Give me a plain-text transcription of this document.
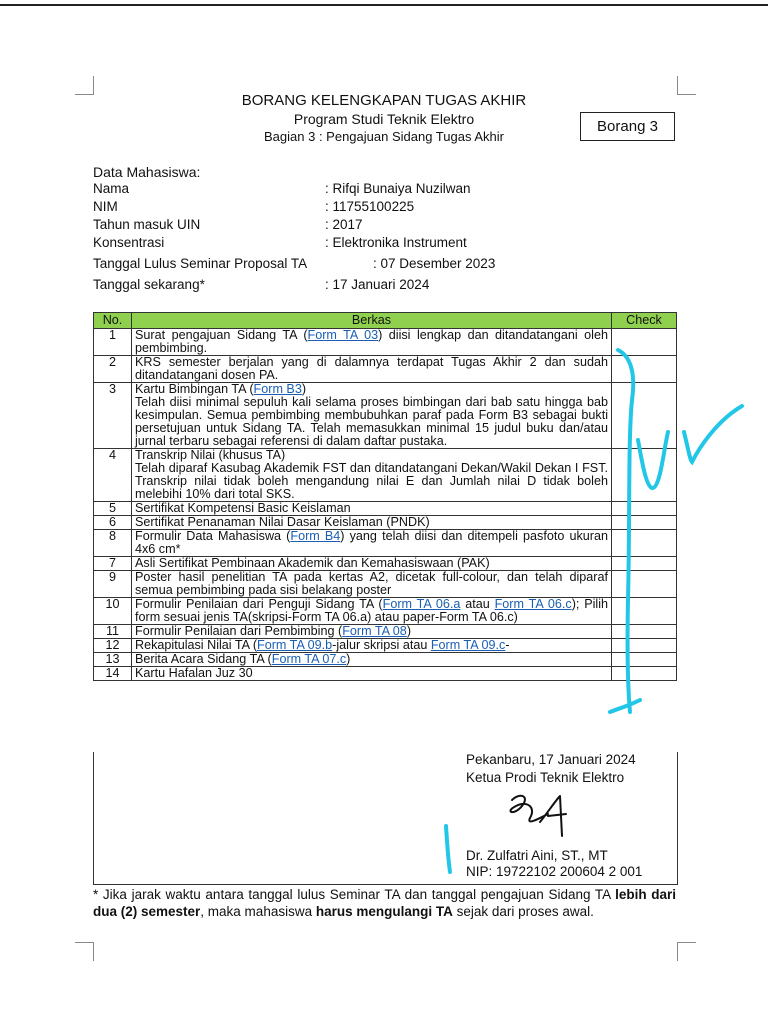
BORANG KELENGKAPAN TUGAS AKHIR
Program Studi Teknik Elektro
Bagian 3 : Pengajuan Sidang Tugas Akhir
Borang 3
Data Mahasiswa:
Nama	: Rifqi Bunaiya Nuzilwan
NIM	: 11755100225
Tahun masuk UIN	: 2017
Konsentrasi	: Elektronika Instrument
Tanggal Lulus Seminar Proposal TA	: 07 Desember 2023
Tanggal sekarang*	: 17 Januari 2024
No.	Berkas	Check
1	Surat pengajuan Sidang TA (Form TA 03) diisi lengkap dan ditandatangani oleh pembimbing.	
2	KRS semester berjalan yang di dalamnya terdapat Tugas Akhir 2 dan sudah ditandatangani dosen PA.	
3	Kartu Bimbingan TA (Form B3)
Telah diisi minimal sepuluh kali selama proses bimbingan dari bab satu hingga bab kesimpulan. Semua pembimbing membubuhkan paraf pada Form B3 sebagai bukti persetujuan untuk Sidang TA. Telah memasukkan minimal 15 judul buku dan/atau jurnal terbaru sebagai referensi di dalam daftar pustaka.	
4	Transkrip Nilai (khusus TA)
Telah diparaf Kasubag Akademik FST dan ditandatangani Dekan/Wakil Dekan I FST. Transkrip nilai tidak boleh mengandung nilai E dan Jumlah nilai D tidak boleh melebihi 10% dari total SKS.	
5	Sertifikat Kompetensi Basic Keislaman	
6	Sertifikat Penanaman Nilai Dasar Keislaman (PNDK)	
8	Formulir Data Mahasiswa (Form B4) yang telah diisi dan ditempeli pasfoto ukuran 4x6 cm*	
7	Asli Sertifikat Pembinaan Akademik dan Kemahasiswaan (PAK)	
9	Poster hasil penelitian TA pada kertas A2, dicetak full-colour, dan telah diparaf semua pembimbing pada sisi belakang poster	
10	Formulir Penilaian dari Penguji Sidang TA (Form TA 06.a atau Form TA 06.c); Pilih form sesuai jenis TA(skripsi-Form TA 06.a) atau paper-Form TA 06.c)	
11	Formulir Penilaian dari Pembimbing (Form TA 08)	
12	Rekapitulasi Nilai TA (Form TA 09.b-jalur skripsi atau Form TA 09.c-	
13	Berita Acara Sidang TA (Form TA 07.c)	
14	Kartu Hafalan Juz 30	
Pekanbaru, 17 Januari 2024
Ketua Prodi Teknik Elektro
Dr. Zulfatri Aini, ST., MT
NIP: 19722102 200604 2 001
* Jika jarak waktu antara tanggal lulus Seminar TA dan tanggal pengajuan Sidang TA lebih dari dua (2) semester, maka mahasiswa harus mengulangi TA sejak dari proses awal.
